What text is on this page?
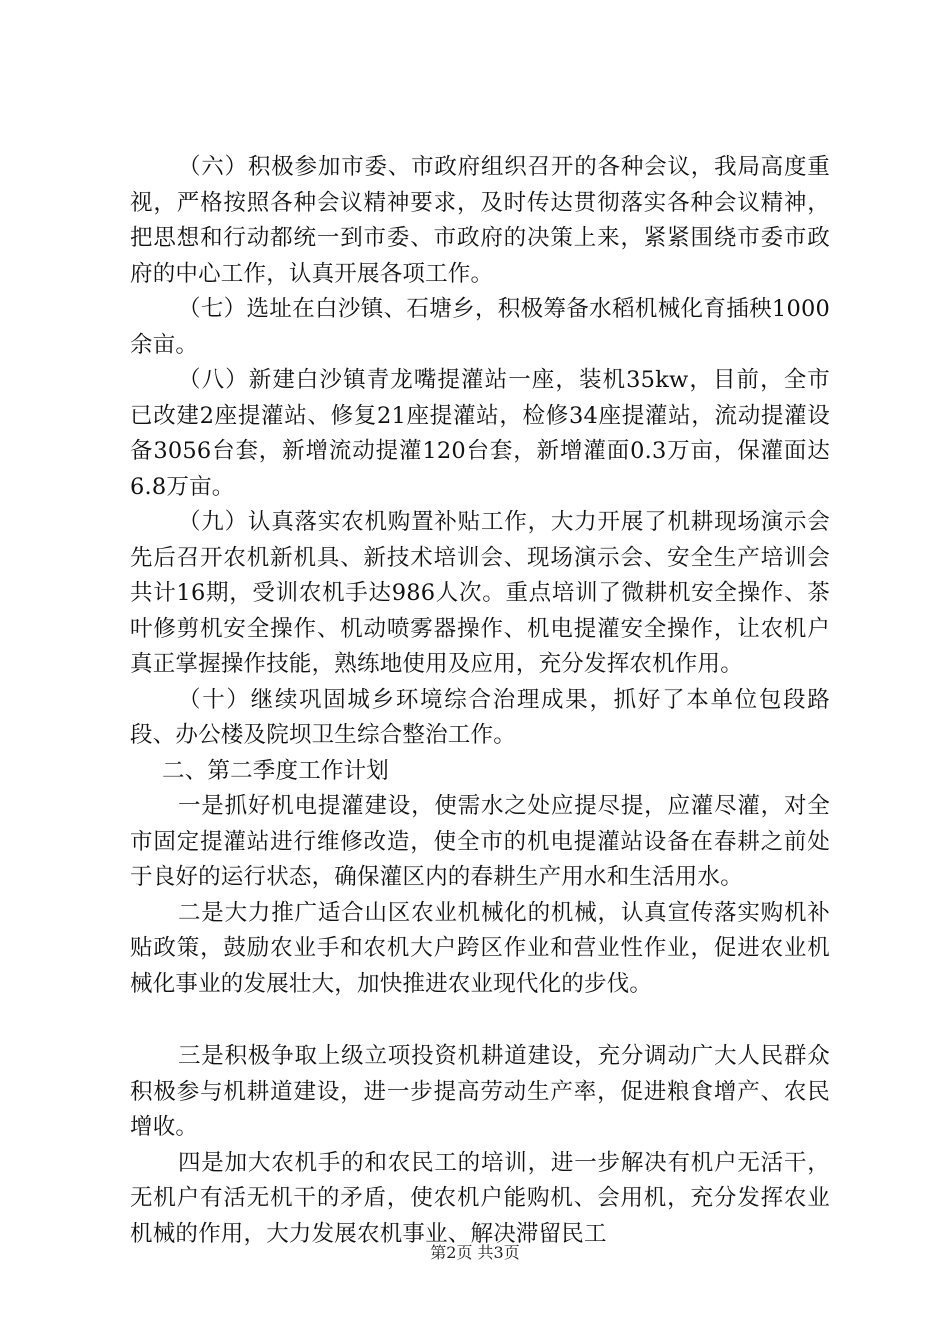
（六）积极参加市委、市政府组织召开的各种会议，我局高度重视，严格按照各种会议精神要求，及时传达贯彻落实各种会议精神，把思想和行动都统一到市委、市政府的决策上来，紧紧围绕市委市政府的中心工作，认真开展各项工作。

（七）选址在白沙镇、石塘乡，积极筹备水稻机械化育插秧1000余亩。

（八）新建白沙镇青龙嘴提灌站一座，装机35kw，目前，全市已改建2座提灌站、修复21座提灌站，检修34座提灌站，流动提灌设备3056台套，新增流动提灌120台套，新增灌面0.3万亩，保灌面达6.8万亩。

（九）认真落实农机购置补贴工作，大力开展了机耕现场演示会先后召开农机新机具、新技术培训会、现场演示会、安全生产培训会共计16期，受训农机手达986人次。重点培训了微耕机安全操作、茶叶修剪机安全操作、机动喷雾器操作、机电提灌安全操作，让农机户真正掌握操作技能，熟练地使用及应用，充分发挥农机作用。

（十）继续巩固城乡环境综合治理成果，抓好了本单位包段路段、办公楼及院坝卫生综合整治工作。

二、第二季度工作计划

一是抓好机电提灌建设，使需水之处应提尽提，应灌尽灌，对全市固定提灌站进行维修改造，使全市的机电提灌站设备在春耕之前处于良好的运行状态，确保灌区内的春耕生产用水和生活用水。

二是大力推广适合山区农业机械化的机械，认真宣传落实购机补贴政策，鼓励农业手和农机大户跨区作业和营业性作业，促进农业机械化事业的发展壮大，加快推进农业现代化的步伐。

三是积极争取上级立项投资机耕道建设，充分调动广大人民群众积极参与机耕道建设，进一步提高劳动生产率，促进粮食增产、农民增收。

四是加大农机手的和农民工的培训，进一步解决有机户无活干，无机户有活无机干的矛盾，使农机户能购机、会用机，充分发挥农业机械的作用，大力发展农机事业、解决滞留民工

第2页 共3页
